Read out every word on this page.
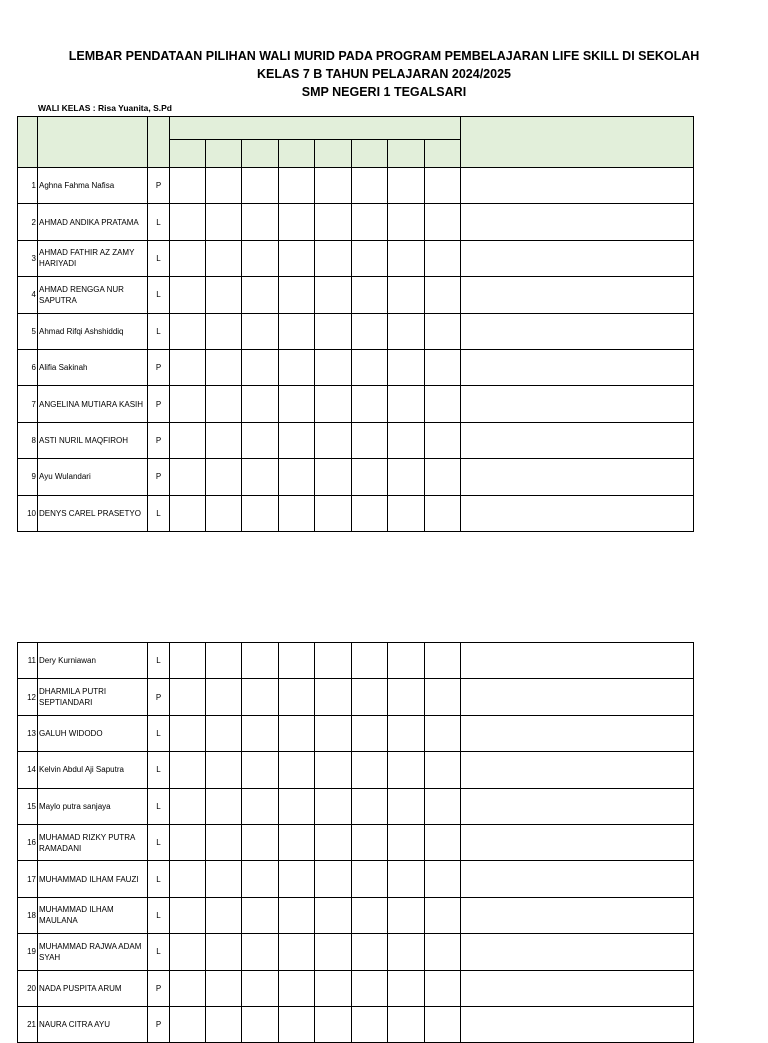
LEMBAR PENDATAAN PILIHAN WALI MURID PADA PROGRAM PEMBELAJARAN LIFE SKILL DI SEKOLAH
KELAS 7 B TAHUN PELAJARAN 2024/2025
SMP NEGERI 1 TEGALSARI
WALI KELAS : Risa Yuanita, S.Pd

1	Aghna Fahma Nafisa	P									
2	AHMAD ANDIKA PRATAMA	L									
3	AHMAD FATHIR AZ ZAMY HARIYADI	L									
4	AHMAD RENGGA NUR SAPUTRA	L									
5	Ahmad Rifqi Ashshiddiq	L									
6	Alifia Sakinah	P									
7	ANGELINA MUTIARA KASIH	P									
8	ASTI NURIL MAQFIROH	P									
9	Ayu Wulandari	P									
10	DENYS CAREL PRASETYO	L									
11	Dery Kurniawan	L									
12	DHARMILA PUTRI SEPTIANDARI	P									
13	GALUH WIDODO	L									
14	Kelvin Abdul Aji Saputra	L									
15	Maylo putra sanjaya	L									
16	MUHAMAD RIZKY PUTRA RAMADANI	L									
17	MUHAMMAD ILHAM FAUZI	L									
18	MUHAMMAD ILHAM MAULANA	L									
19	MUHAMMAD RAJWA ADAM SYAH	L									
20	NADA PUSPITA ARUM	P									
21	NAURA CITRA AYU	P									
